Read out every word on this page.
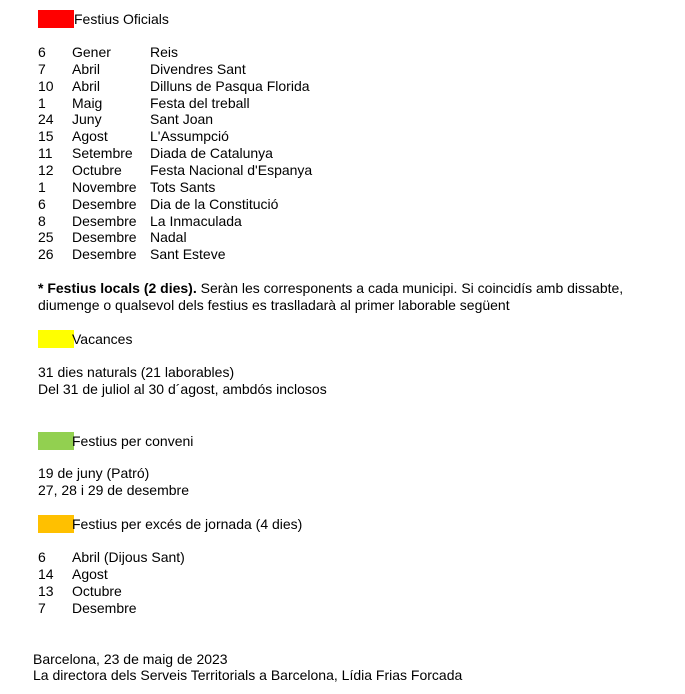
Festius Oficials
6 Gener	Reis
7 Abril	Divendres Sant
10 Abril	Dilluns de Pasqua Florida
1 Maig	Festa del treball
24 Juny	Sant Joan
15 Agost	L'Assumpció
11 Setembre Diada de Catalunya
12 Octubre Festa Nacional d'Espanya
1 Novembre Tots Sants
6 Desembre Dia de la Constitució
8 Desembre La Inmaculada
25 Desembre Nadal
26 Desembre Sant Esteve
* Festius locals (2 dies). Seràn les corresponents a cada municipi. Si coincidís amb dissabte,
diumenge o qualsevol dels festius es traslladarà al primer laborable següent
Vacances
31 dies naturals (21 laborables)
Del 31 de juliol al 30 d´agost, ambdós inclosos
Festius per conveni
19 de juny (Patró)
27, 28 i 29 de desembre
Festius per excés de jornada (4 dies)
6 Abril (Dijous Sant)
14 Agost
13 Octubre
7 Desembre
Barcelona, 23 de maig de 2023
La directora dels Serveis Territorials a Barcelona, Lídia Frias Forcada
